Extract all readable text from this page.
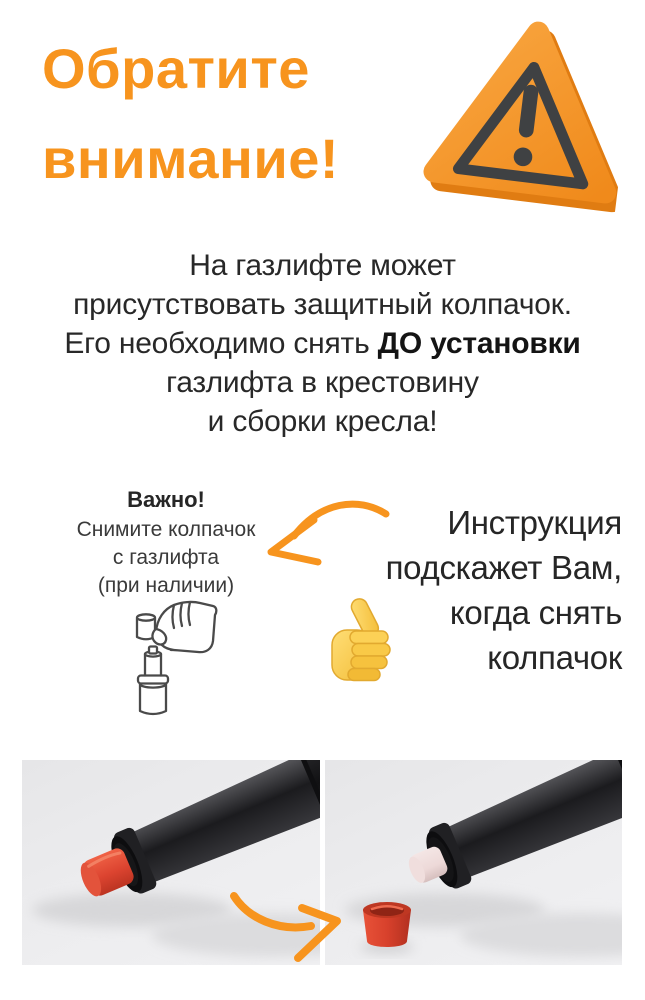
Обратите
внимание!
На газлифте может
присутствовать защитный колпачок.
Его необходимо снять ДО установки
газлифта в крестовину
и сборки кресла!
Важно!
Снимите колпачок
с газлифта
(при наличии)
Инструкция
подскажет Вам,
когда снять
колпачок
